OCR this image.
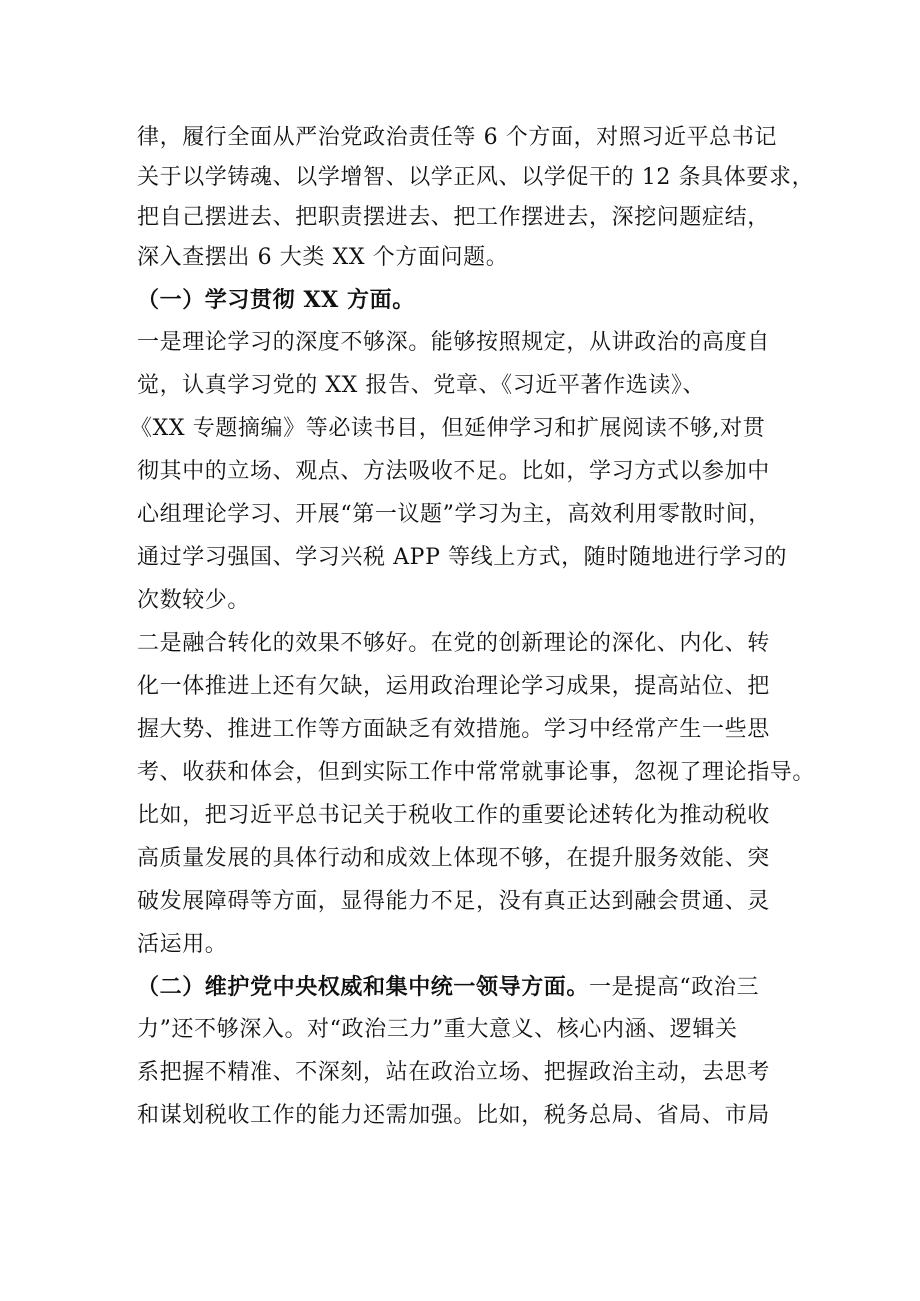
律，履行全面从严治党政治责任等 6 个方面，对照习近平总书记
关于以学铸魂、以学增智、以学正风、以学促干的 12 条具体要求，
把自己摆进去、把职责摆进去、把工作摆进去，深挖问题症结，
深入查摆出 6 大类 XX 个方面问题。
（一）学习贯彻 XX 方面。
一是理论学习的深度不够深。能够按照规定，从讲政治的高度自
觉，认真学习党的 XX 报告、党章、《习近平著作选读》、
《XX 专题摘编》等必读书目，但延伸学习和扩展阅读不够,对贯
彻其中的立场、观点、方法吸收不足。比如，学习方式以参加中
心组理论学习、开展“第一议题”学习为主，高效利用零散时间，
通过学习强国、学习兴税 APP 等线上方式，随时随地进行学习的
次数较少。
二是融合转化的效果不够好。在党的创新理论的深化、内化、转
化一体推进上还有欠缺，运用政治理论学习成果，提高站位、把
握大势、推进工作等方面缺乏有效措施。学习中经常产生一些思
考、收获和体会，但到实际工作中常常就事论事，忽视了理论指导。
比如，把习近平总书记关于税收工作的重要论述转化为推动税收
高质量发展的具体行动和成效上体现不够，在提升服务效能、突
破发展障碍等方面，显得能力不足，没有真正达到融会贯通、灵
活运用。
（二）维护党中央权威和集中统一领导方面。一是提高“政治三
力”还不够深入。对“政治三力”重大意义、核心内涵、逻辑关
系把握不精准、不深刻，站在政治立场、把握政治主动，去思考
和谋划税收工作的能力还需加强。比如，税务总局、省局、市局
